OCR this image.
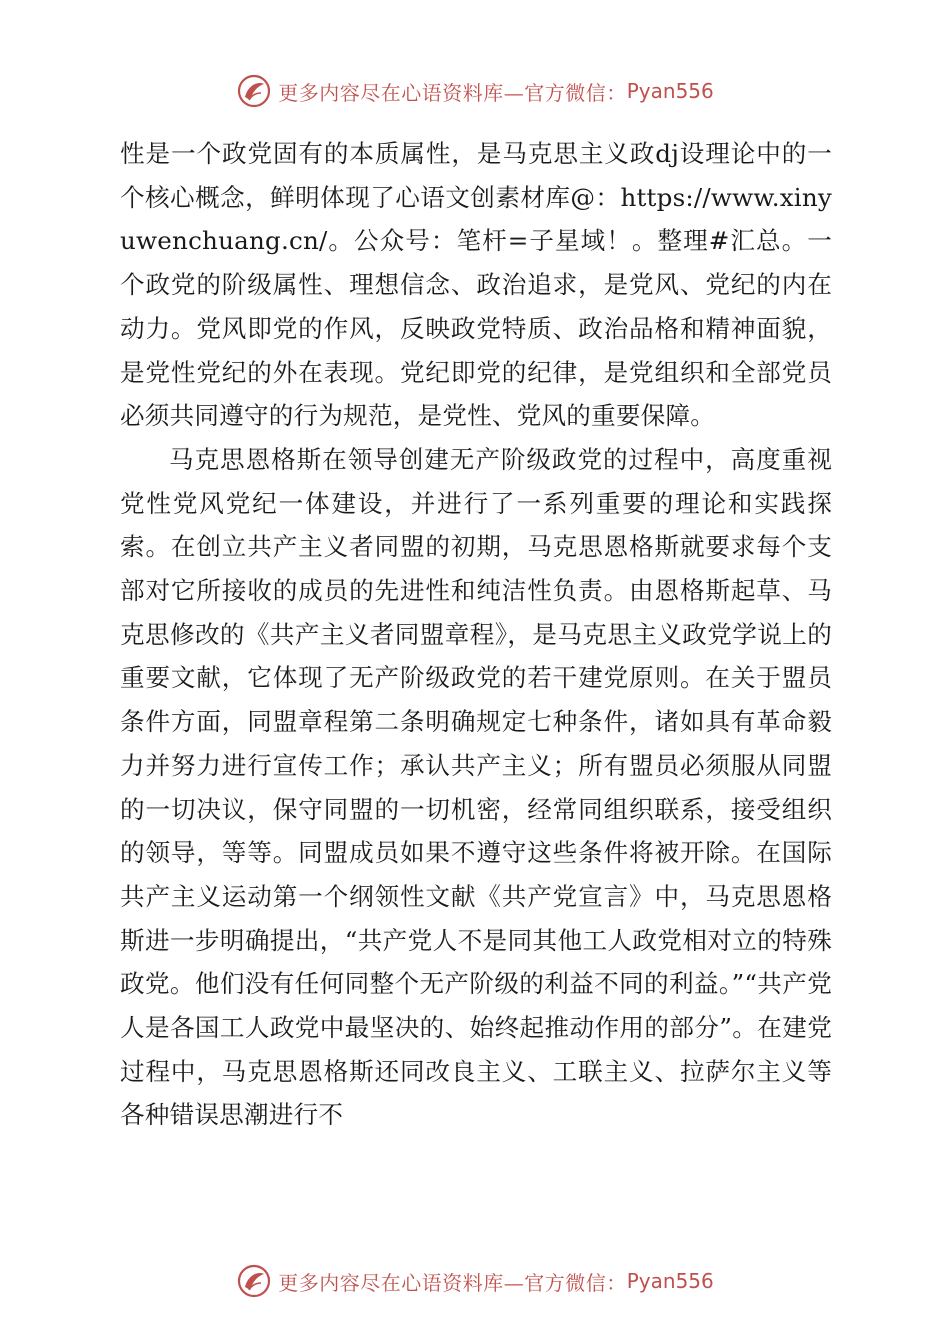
更多内容尽在心语资料库—官方微信： Pyan556

性是一个政党固有的本质属性，是马克思主义政dj设理论中的一个核心概念，鲜明体现了心语文创素材库@：https://www.xinyuwenchuang.cn/。公众号：笔杆=子星域！。整理#汇总。一个政党的阶级属性、理想信念、政治追求，是党风、党纪的内在动力。党风即党的作风，反映政党特质、政治品格和精神面貌，是党性党纪的外在表现。党纪即党的纪律，是党组织和全部党员必须共同遵守的行为规范，是党性、党风的重要保障。

马克思恩格斯在领导创建无产阶级政党的过程中，高度重视党性党风党纪一体建设，并进行了一系列重要的理论和实践探索。在创立共产主义者同盟的初期，马克思恩格斯就要求每个支部对它所接收的成员的先进性和纯洁性负责。由恩格斯起草、马克思修改的《共产主义者同盟章程》，是马克思主义政党学说上的重要文献，它体现了无产阶级政党的若干建党原则。在关于盟员条件方面，同盟章程第二条明确规定七种条件，诸如具有革命毅力并努力进行宣传工作；承认共产主义；所有盟员必须服从同盟的一切决议，保守同盟的一切机密，经常同组织联系，接受组织的领导，等等。同盟成员如果不遵守这些条件将被开除。在国际共产主义运动第一个纲领性文献《共产党宣言》中，马克思恩格斯进一步明确提出，“共产党人不是同其他工人政党相对立的特殊政党。他们没有任何同整个无产阶级的利益不同的利益。”“共产党人是各国工人政党中最坚决的、始终起推动作用的部分”。在建党过程中，马克思恩格斯还同改良主义、工联主义、拉萨尔主义等各种错误思潮进行不

更多内容尽在心语资料库—官方微信： Pyan556
